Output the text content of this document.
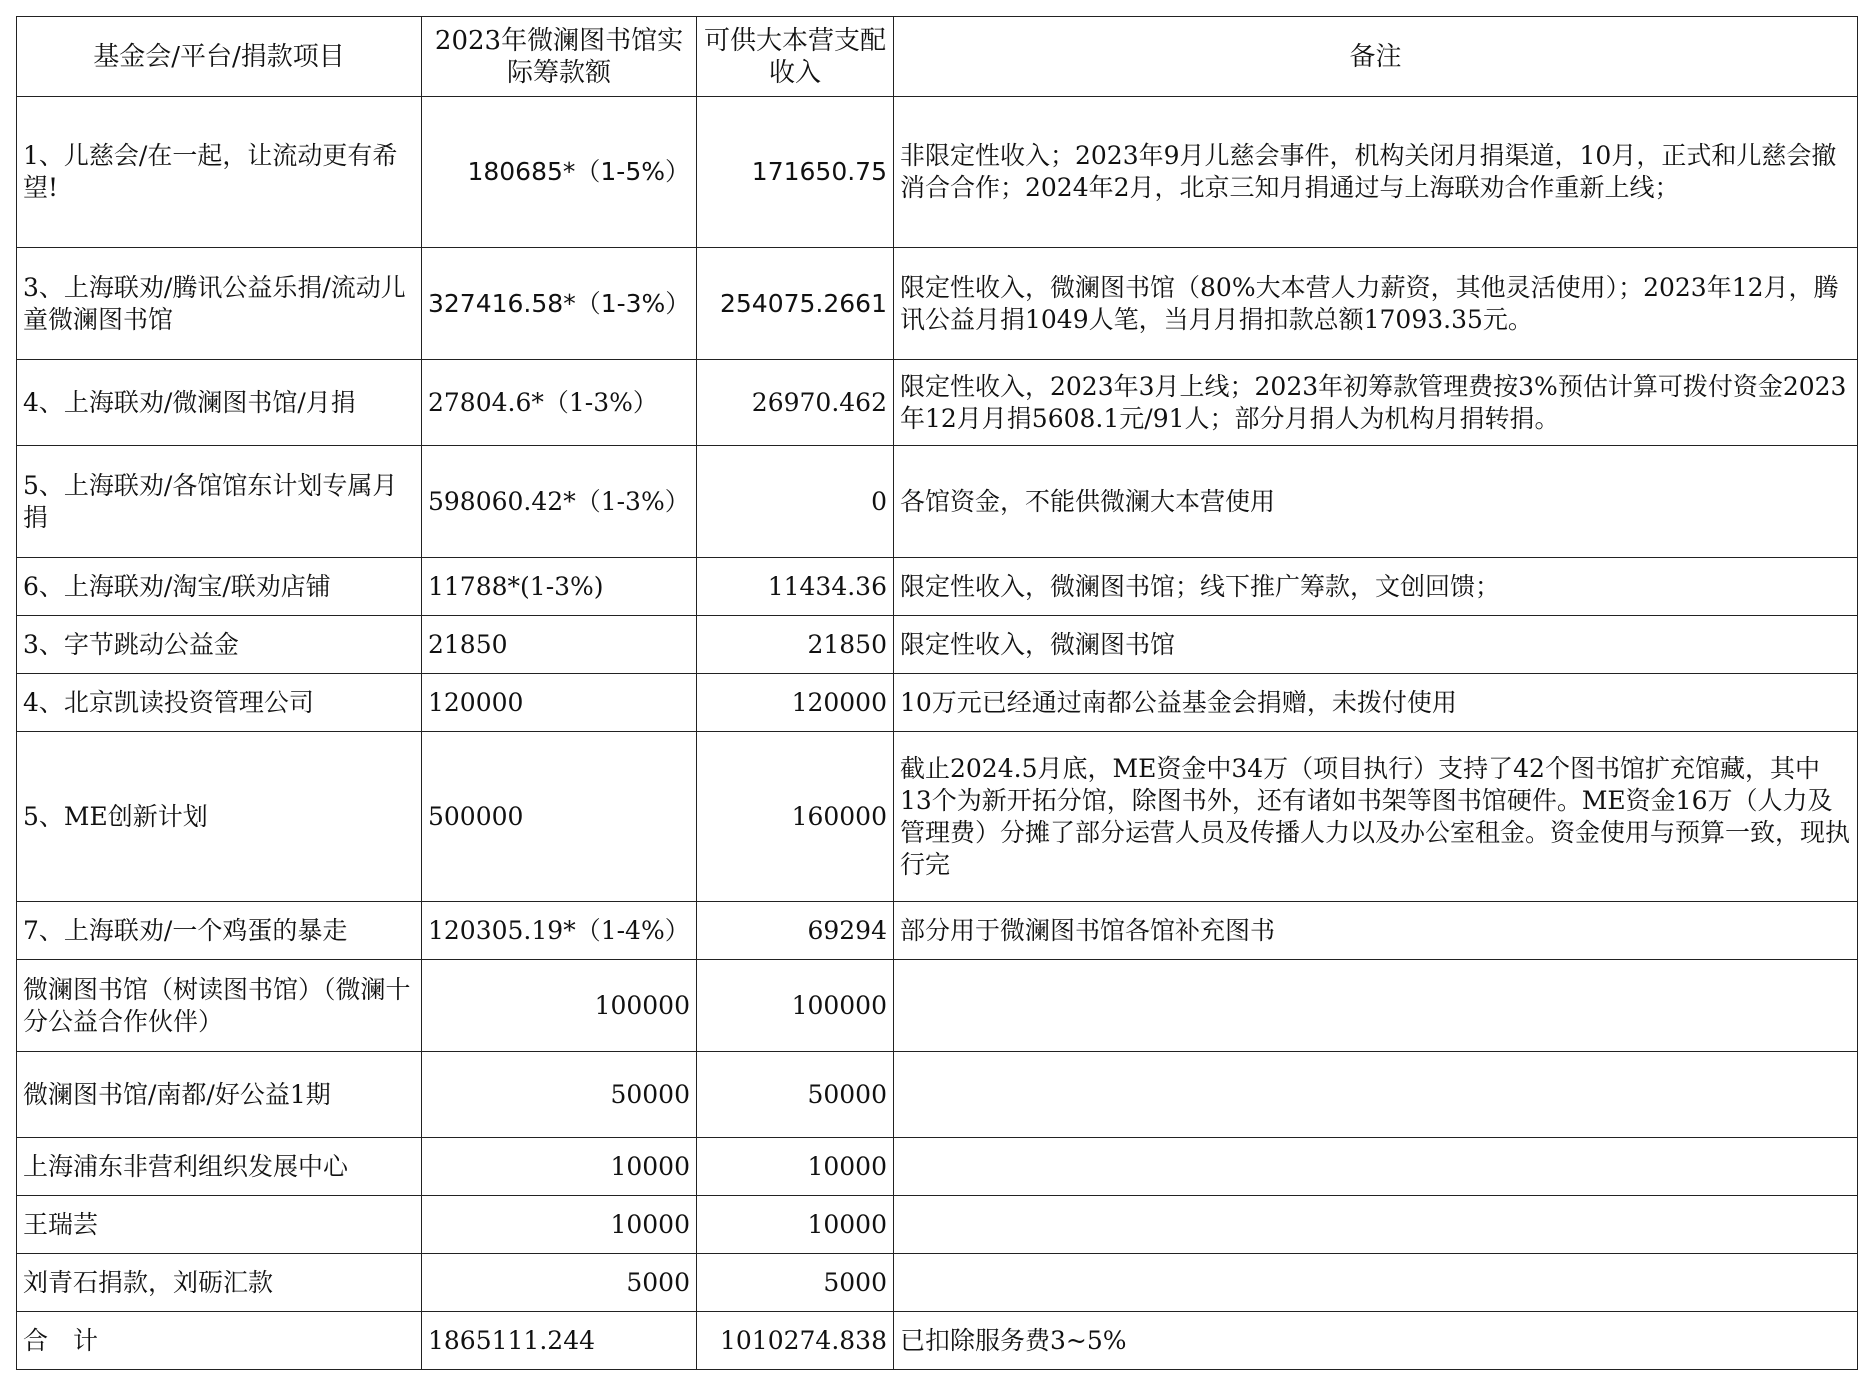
基金会/平台/捐款项目	2023年微澜图书馆实际筹款额	可供大本营支配收入	备注
1、儿慈会/在一起，让流动更有希望!	180685*（1-5%）	171650.75	非限定性收入；2023年9月儿慈会事件，机构关闭月捐渠道，10月，正式和儿慈会撤消合合作；2024年2月，北京三知月捐通过与上海联劝合作重新上线；
3、上海联劝/腾讯公益乐捐/流动儿童微澜图书馆	327416.58*（1-3%）	254075.2661	限定性收入，微澜图书馆（80%大本营人力薪资，其他灵活使用）；2023年12月，腾讯公益月捐1049人笔，当月月捐扣款总额17093.35元。
4、上海联劝/微澜图书馆/月捐	27804.6*（1-3%）	26970.462	限定性收入，2023年3月上线；2023年初筹款管理费按3%预估计算可拨付资金2023年12月月捐5608.1元/91人；部分月捐人为机构月捐转捐。
5、上海联劝/各馆馆东计划专属月捐	598060.42*（1-3%）	0	各馆资金，不能供微澜大本营使用
6、上海联劝/淘宝/联劝店铺	11788*(1-3%)	11434.36	限定性收入，微澜图书馆；线下推广筹款，文创回馈；
3、字节跳动公益金	21850	21850	限定性收入，微澜图书馆
4、北京凯读投资管理公司	120000	120000	10万元已经通过南都公益基金会捐赠，未拨付使用
5、ME创新计划	500000	160000	截止2024.5月底，ME资金中34万（项目执行）支持了42个图书馆扩充馆藏，其中13个为新开拓分馆，除图书外，还有诸如书架等图书馆硬件。ME资金16万（人力及管理费）分摊了部分运营人员及传播人力以及办公室租金。资金使用与预算一致，现执行完
7、上海联劝/一个鸡蛋的暴走	120305.19*（1-4%）	69294	部分用于微澜图书馆各馆补充图书
微澜图书馆（树读图书馆）（微澜十分公益合作伙伴）	100000	100000	
微澜图书馆/南都/好公益1期	50000	50000	
上海浦东非营利组织发展中心	10000	10000	
王瑞芸	10000	10000	
刘青石捐款，刘砺汇款	5000	5000	
合　计	1865111.244	1010274.838	已扣除服务费3~5%
